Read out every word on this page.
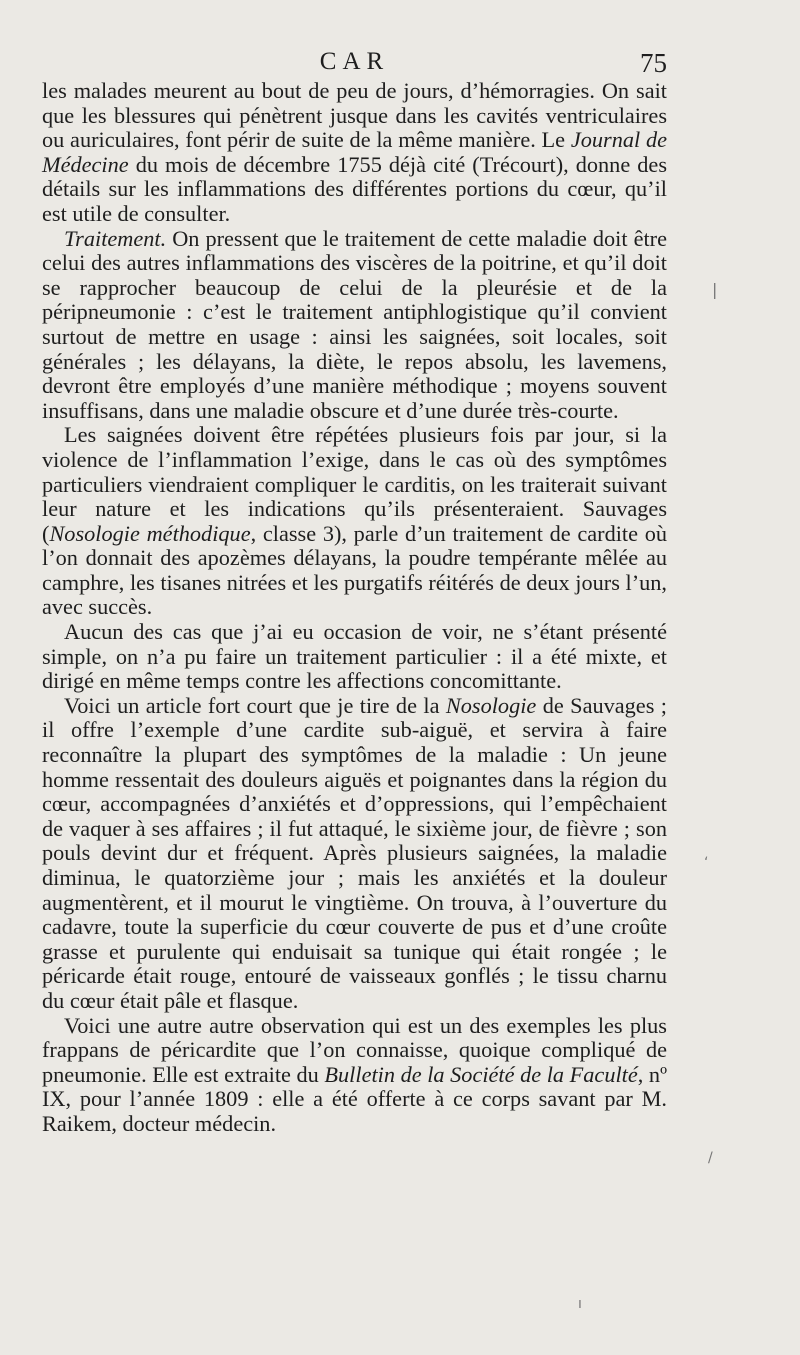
CAR	75

les malades meurent au bout de peu de jours, d’hémorragies. On sait que les blessures qui pénètrent jusque dans les cavités ventriculaires ou auriculaires, font périr de suite de la même manière. Le Journal de Médecine du mois de décembre 1755 déjà cité (Trécourt), donne des détails sur les inflammations des différentes portions du cœur, qu’il est utile de consulter.

Traitement. On pressent que le traitement de cette maladie doit être celui des autres inflammations des viscères de la poitrine, et qu’il doit se rapprocher beaucoup de celui de la pleurésie et de la péripneumonie : c’est le traitement antiphlogistique qu’il convient surtout de mettre en usage : ainsi les saignées, soit locales, soit générales ; les délayans, la diète, le repos absolu, les lavemens, devront être employés d’une manière méthodique ; moyens souvent insuffisans, dans une maladie obscure et d’une durée très-courte.

Les saignées doivent être répétées plusieurs fois par jour, si la violence de l’inflammation l’exige, dans le cas où des symptômes particuliers viendraient compliquer le carditis, on les traiterait suivant leur nature et les indications qu’ils présenteraient. Sauvages (Nosologie méthodique, classe 3), parle d’un traitement de cardite où l’on donnait des apozèmes délayans, la poudre tempérante mêlée au camphre, les tisanes nitrées et les purgatifs réitérés de deux jours l’un, avec succès.

Aucun des cas que j’ai eu occasion de voir, ne s’étant présenté simple, on n’a pu faire un traitement particulier : il a été mixte, et dirigé en même temps contre les affections concomittante.

Voici un article fort court que je tire de la Nosologie de Sauvages ; il offre l’exemple d’une cardite sub-aiguë, et servira à faire reconnaître la plupart des symptômes de la maladie : Un jeune homme ressentait des douleurs aiguës et poignantes dans la région du cœur, accompagnées d’anxiétés et d’oppressions, qui l’empêchaient de vaquer à ses affaires ; il fut attaqué, le sixième jour, de fièvre ; son pouls devint dur et fréquent. Après plusieurs saignées, la maladie diminua, le quatorzième jour ; mais les anxiétés et la douleur augmentèrent, et il mourut le vingtième. On trouva, à l’ouverture du cadavre, toute la superficie du cœur couverte de pus et d’une croûte grasse et purulente qui enduisait sa tunique qui était rongée ; le péricarde était rouge, entouré de vaisseaux gonflés ; le tissu charnu du cœur était pâle et flasque.

Voici une autre autre observation qui est un des exemples les plus frappans de péricardite que l’on connaisse, quoique compliqué de pneumonie. Elle est extraite du Bulletin de la Société de la Faculté, nº IX, pour l’année 1809 : elle a été offerte à ce corps savant par M. Raikem, docteur médecin.

|
‘
/
ı
